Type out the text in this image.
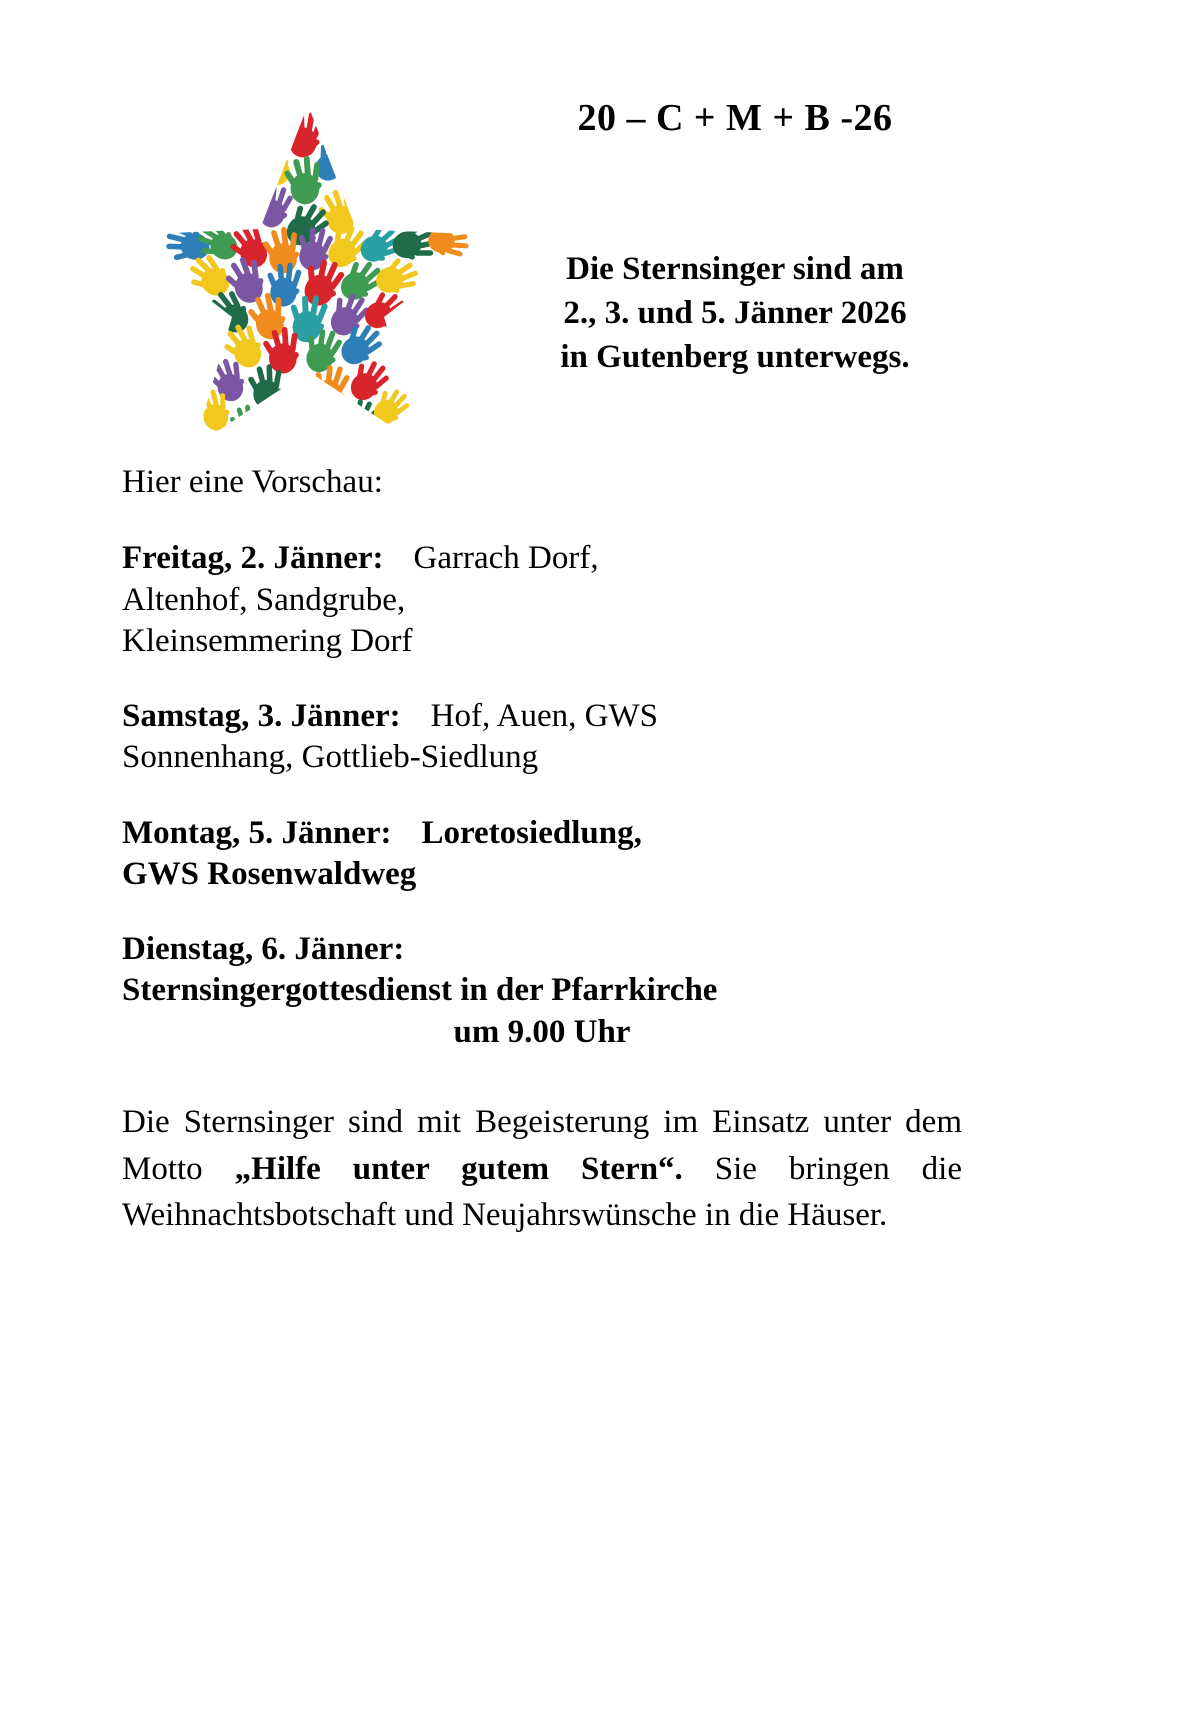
20 – C + M + B -26
Die Sternsinger sind am
2., 3. und 5. Jänner 2026
in Gutenberg unterwegs.
Hier eine Vorschau:
Freitag, 2. Jänner: Garrach Dorf,
Altenhof, Sandgrube,
Kleinsemmering Dorf
Samstag, 3. Jänner: Hof, Auen, GWS
Sonnenhang, Gottlieb-Siedlung
Montag, 5. Jänner: Loretosiedlung,
GWS Rosenwaldweg
Dienstag, 6. Jänner:
Sternsingergottesdienst in der Pfarrkirche
um 9.00 Uhr
Die Sternsinger sind mit Begeisterung im Einsatz unter dem Motto „Hilfe unter gutem Stern“. Sie bringen die Weihnachtsbotschaft und Neujahrswünsche in die Häuser.
